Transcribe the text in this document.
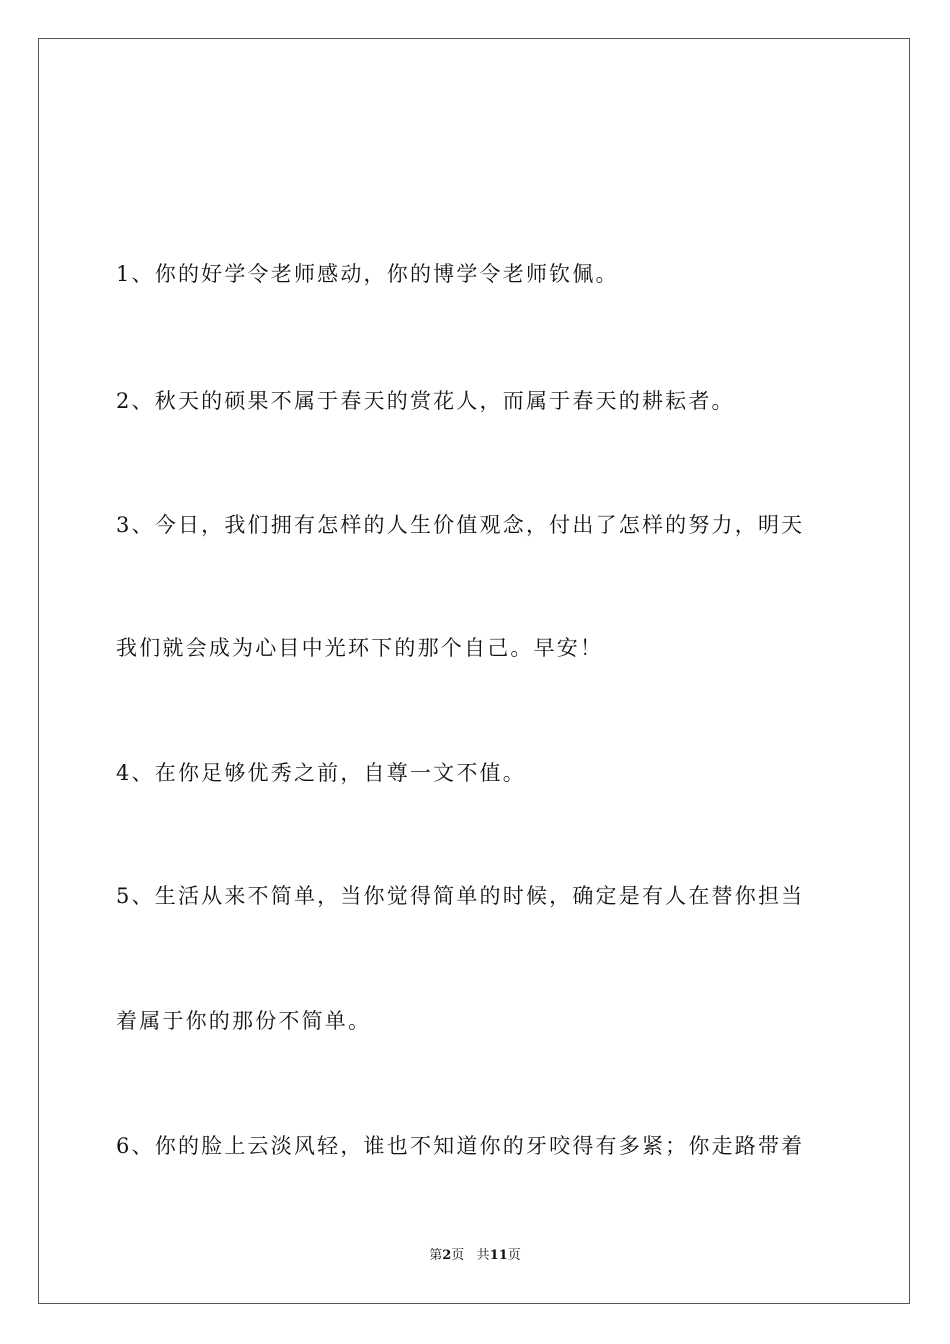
1、你的好学令老师感动，你的博学令老师钦佩。
2、秋天的硕果不属于春天的赏花人，而属于春天的耕耘者。
3、今日，我们拥有怎样的人生价值观念，付出了怎样的努力，明天
我们就会成为心目中光环下的那个自己。早安！
4、在你足够优秀之前，自尊一文不值。
5、生活从来不简单，当你觉得简单的时候，确定是有人在替你担当
着属于你的那份不简单。
6、你的脸上云淡风轻，谁也不知道你的牙咬得有多紧；你走路带着
第2页 共11页
